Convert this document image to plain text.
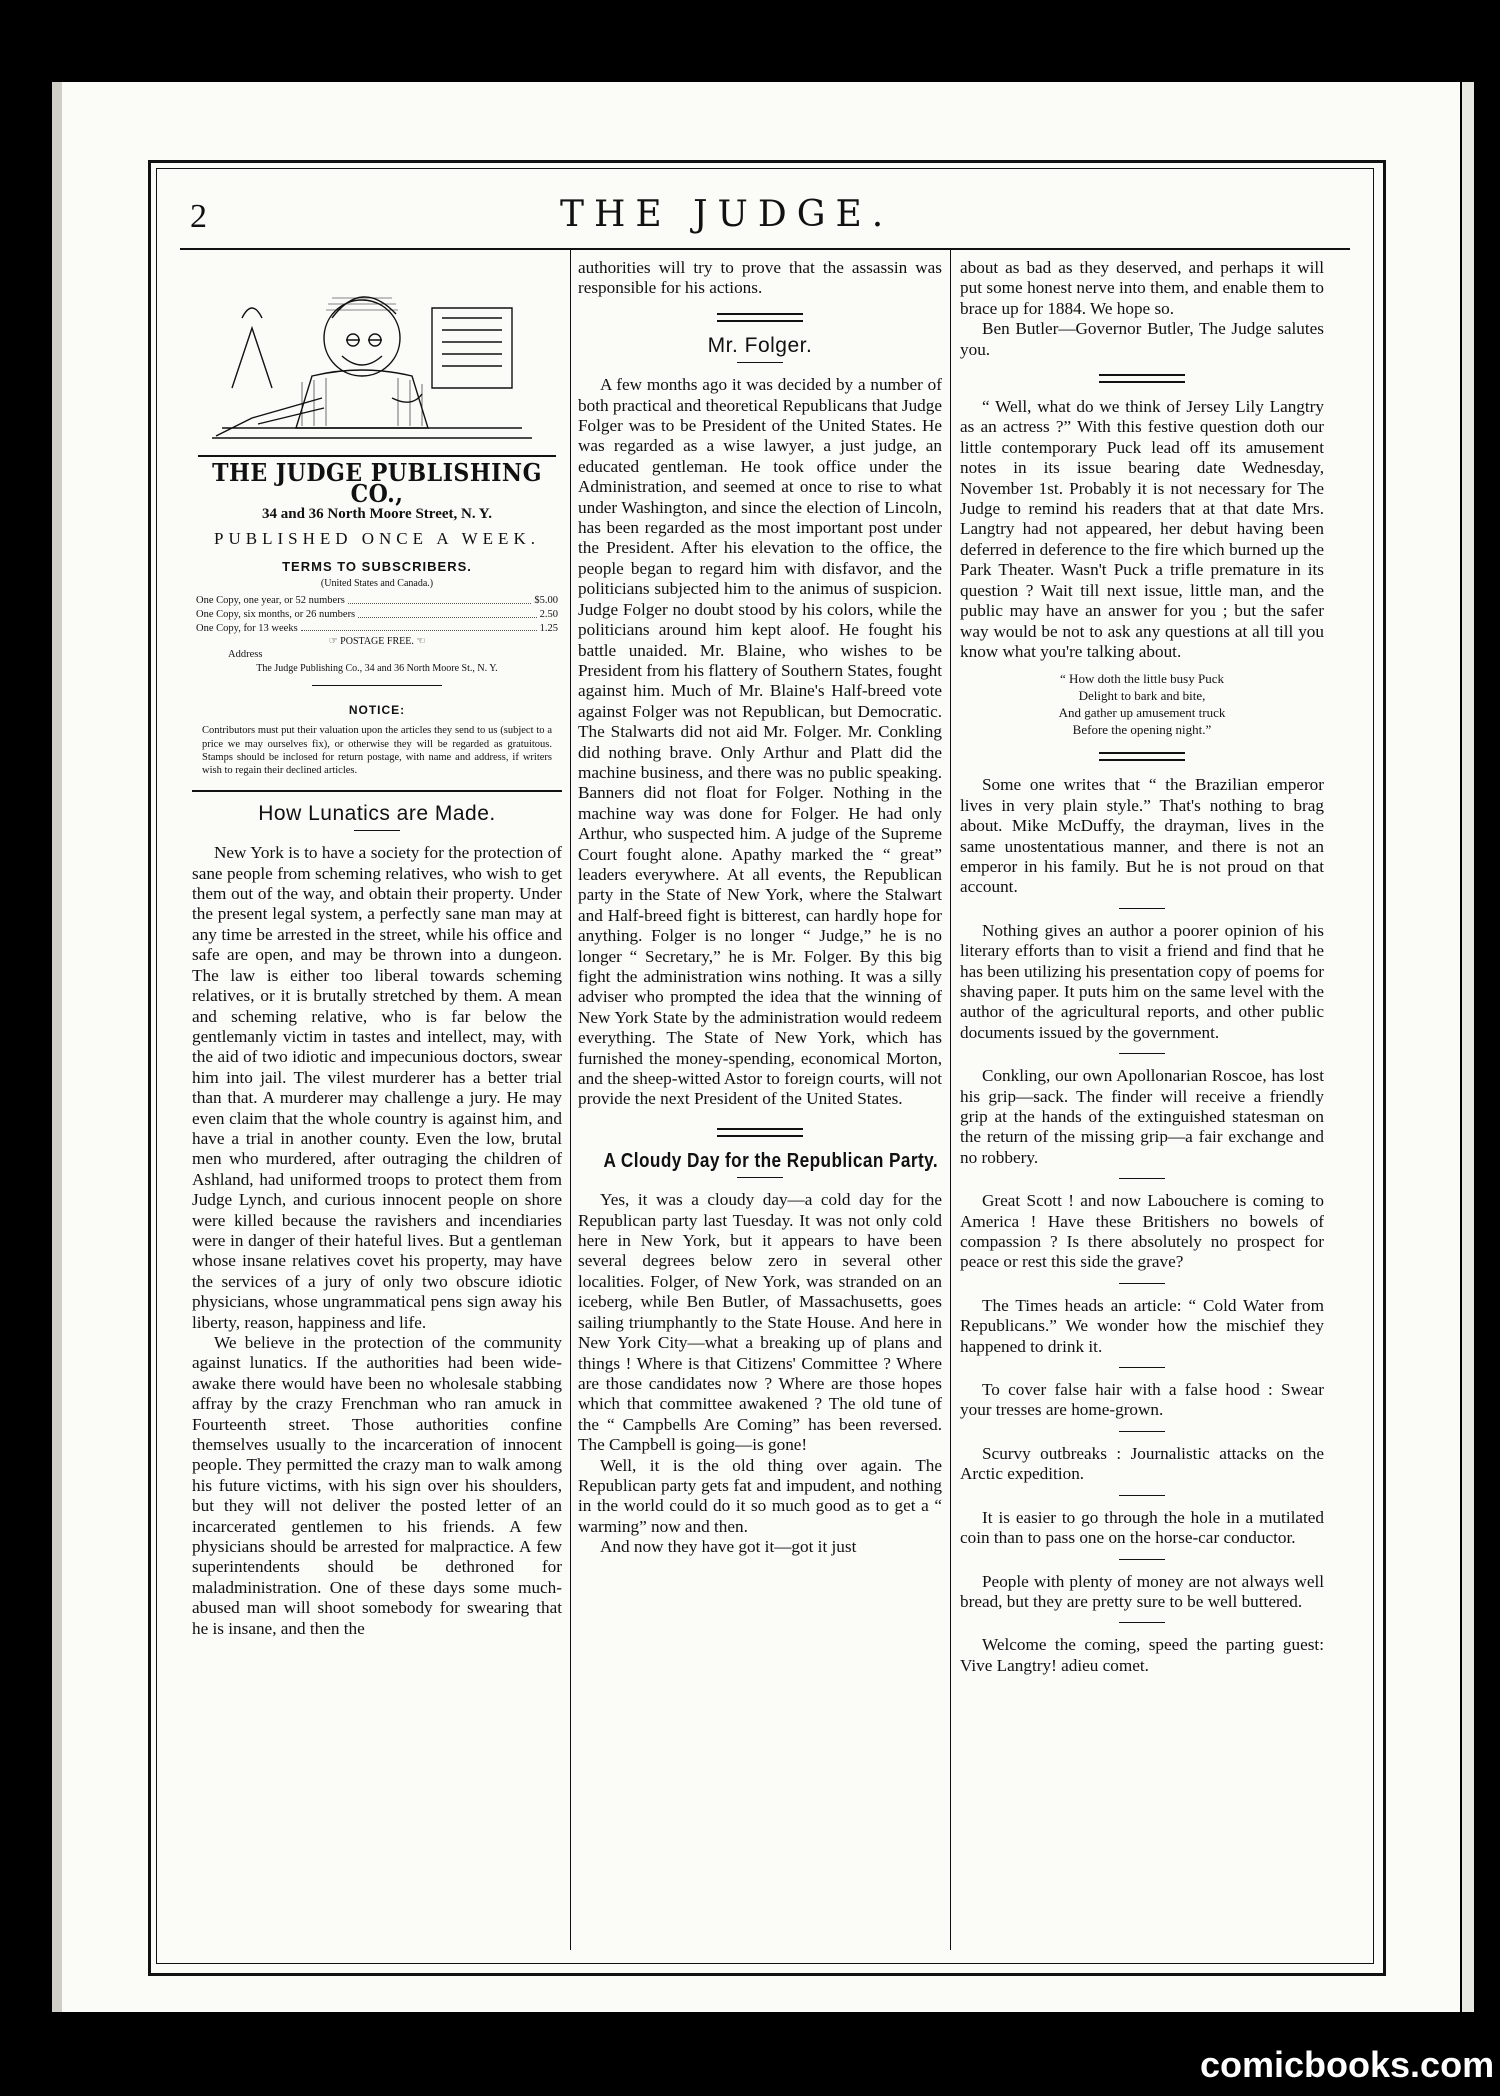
2	THE JUDGE.
THE JUDGE PUBLISHING CO.,
34 and 36 North Moore Street, N. Y.
PUBLISHED ONCE A WEEK.
TERMS TO SUBSCRIBERS.
(United States and Canada.)
One Copy, one year, or 52 numbers	$5.00
One Copy, six months, or 26 numbers	2.50
One Copy, for 13 weeks	1.25
☞ POSTAGE FREE. ☜
Address
The Judge Publishing Co., 34 and 36 North Moore St., N. Y.
NOTICE:
Contributors must put their valuation upon the articles they send to us (subject to a price we may ourselves fix), or otherwise they will be regarded as gratuitous. Stamps should be inclosed for return postage, with name and address, if writers wish to regain their declined articles.
How Lunatics are Made.

New York is to have a society for the protection of sane people from scheming relatives, who wish to get them out of the way, and obtain their property. Under the present legal system, a perfectly sane man may at any time be arrested in the street, while his office and safe are open, and may be thrown into a dungeon. The law is either too liberal towards scheming relatives, or it is brutally stretched by them. A mean and scheming relative, who is far below the gentlemanly victim in tastes and intellect, may, with the aid of two idiotic and impecunious doctors, swear him into jail. The vilest murderer has a better trial than that. A murderer may challenge a jury. He may even claim that the whole country is against him, and have a trial in another county. Even the low, brutal men who murdered, after outraging the children of Ashland, had uniformed troops to protect them from Judge Lynch, and curious innocent people on shore were killed because the ravishers and incendiaries were in danger of their hateful lives. But a gentleman whose insane relatives covet his property, may have the services of a jury of only two obscure idiotic physicians, whose ungrammatical pens sign away his liberty, reason, happiness and life.

We believe in the protection of the community against lunatics. If the authorities had been wide-awake there would have been no wholesale stabbing affray by the crazy Frenchman who ran amuck in Fourteenth street. Those authorities confine themselves usually to the incarceration of innocent people. They permitted the crazy man to walk among his future victims, with his sign over his shoulders, but they will not deliver the posted letter of an incarcerated gentlemen to his friends. A few physicians should be arrested for malpractice. A few superintendents should be dethroned for maladministration. One of these days some much-abused man will shoot somebody for swearing that he is insane, and then the

authorities will try to prove that the assassin was responsible for his actions.

Mr. Folger.

A few months ago it was decided by a number of both practical and theoretical Republicans that Judge Folger was to be President of the United States. He was regarded as a wise lawyer, a just judge, an educated gentleman. He took office under the Administration, and seemed at once to rise to what under Washington, and since the election of Lincoln, has been regarded as the most important post under the President. After his elevation to the office, the people began to regard him with disfavor, and the politicians subjected him to the animus of suspicion. Judge Folger no doubt stood by his colors, while the politicians around him kept aloof. He fought his battle unaided. Mr. Blaine, who wishes to be President from his flattery of Southern States, fought against him. Much of Mr. Blaine's Half-breed vote against Folger was not Republican, but Democratic. The Stalwarts did not aid Mr. Folger. Mr. Conkling did nothing brave. Only Arthur and Platt did the machine business, and there was no public speaking. Banners did not float for Folger. Nothing in the machine way was done for Folger. He had only Arthur, who suspected him. A judge of the Supreme Court fought alone. Apathy marked the “ great” leaders everywhere. At all events, the Republican party in the State of New York, where the Stalwart and Half-breed fight is bitterest, can hardly hope for anything. Folger is no longer “ Judge,” he is no longer “ Secretary,” he is Mr. Folger. By this big fight the administration wins nothing. It was a silly adviser who prompted the idea that the winning of New York State by the administration would redeem everything. The State of New York, which has furnished the money-spending, economical Morton, and the sheep-witted Astor to foreign courts, will not provide the next President of the United States.

A Cloudy Day for the Republican Party.

Yes, it was a cloudy day—a cold day for the Republican party last Tuesday. It was not only cold here in New York, but it appears to have been several degrees below zero in several other localities. Folger, of New York, was stranded on an iceberg, while Ben Butler, of Massachusetts, goes sailing triumphantly to the State House. And here in New York City—what a breaking up of plans and things ! Where is that Citizens' Committee ? Where are those candidates now ? Where are those hopes which that committee awakened ? The old tune of the “ Campbells Are Coming” has been reversed. The Campbell is going—is gone!

Well, it is the old thing over again. The Republican party gets fat and impudent, and nothing in the world could do it so much good as to get a “ warming” now and then.

And now they have got it—got it just

about as bad as they deserved, and perhaps it will put some honest nerve into them, and enable them to brace up for 1884. We hope so.

Ben Butler—Governor Butler, The Judge salutes you.

“ Well, what do we think of Jersey Lily Langtry as an actress ?” With this festive question doth our little contemporary Puck lead off its amusement notes in its issue bearing date Wednesday, November 1st. Probably it is not necessary for The Judge to remind his readers that at that date Mrs. Langtry had not appeared, her debut having been deferred in deference to the fire which burned up the Park Theater. Wasn't Puck a trifle premature in its question ? Wait till next issue, little man, and the public may have an answer for you ; but the safer way would be not to ask any questions at all till you know what you're talking about.

“ How doth the little busy Puck

Delight to bark and bite,

And gather up amusement truck

Before the opening night.”

Some one writes that “ the Brazilian emperor lives in very plain style.” That's nothing to brag about. Mike McDuffy, the drayman, lives in the same unostentatious manner, and there is not an emperor in his family. But he is not proud on that account.

Nothing gives an author a poorer opinion of his literary efforts than to visit a friend and find that he has been utilizing his presentation copy of poems for shaving paper. It puts him on the same level with the author of the agricultural reports, and other public documents issued by the government.

Conkling, our own Apollonarian Roscoe, has lost his grip—sack. The finder will receive a friendly grip at the hands of the extinguished statesman on the return of the missing grip—a fair exchange and no robbery.

Great Scott ! and now Labouchere is coming to America ! Have these Britishers no bowels of compassion ? Is there absolutely no prospect for peace or rest this side the grave?

The Times heads an article: “ Cold Water from Republicans.” We wonder how the mischief they happened to drink it.

To cover false hair with a false hood : Swear your tresses are home-grown.

Scurvy outbreaks : Journalistic attacks on the Arctic expedition.

It is easier to go through the hole in a mutilated coin than to pass one on the horse-car conductor.

People with plenty of money are not always well bread, but they are pretty sure to be well buttered.

Welcome the coming, speed the parting guest: Vive Langtry! adieu comet.

comicbooks.com
